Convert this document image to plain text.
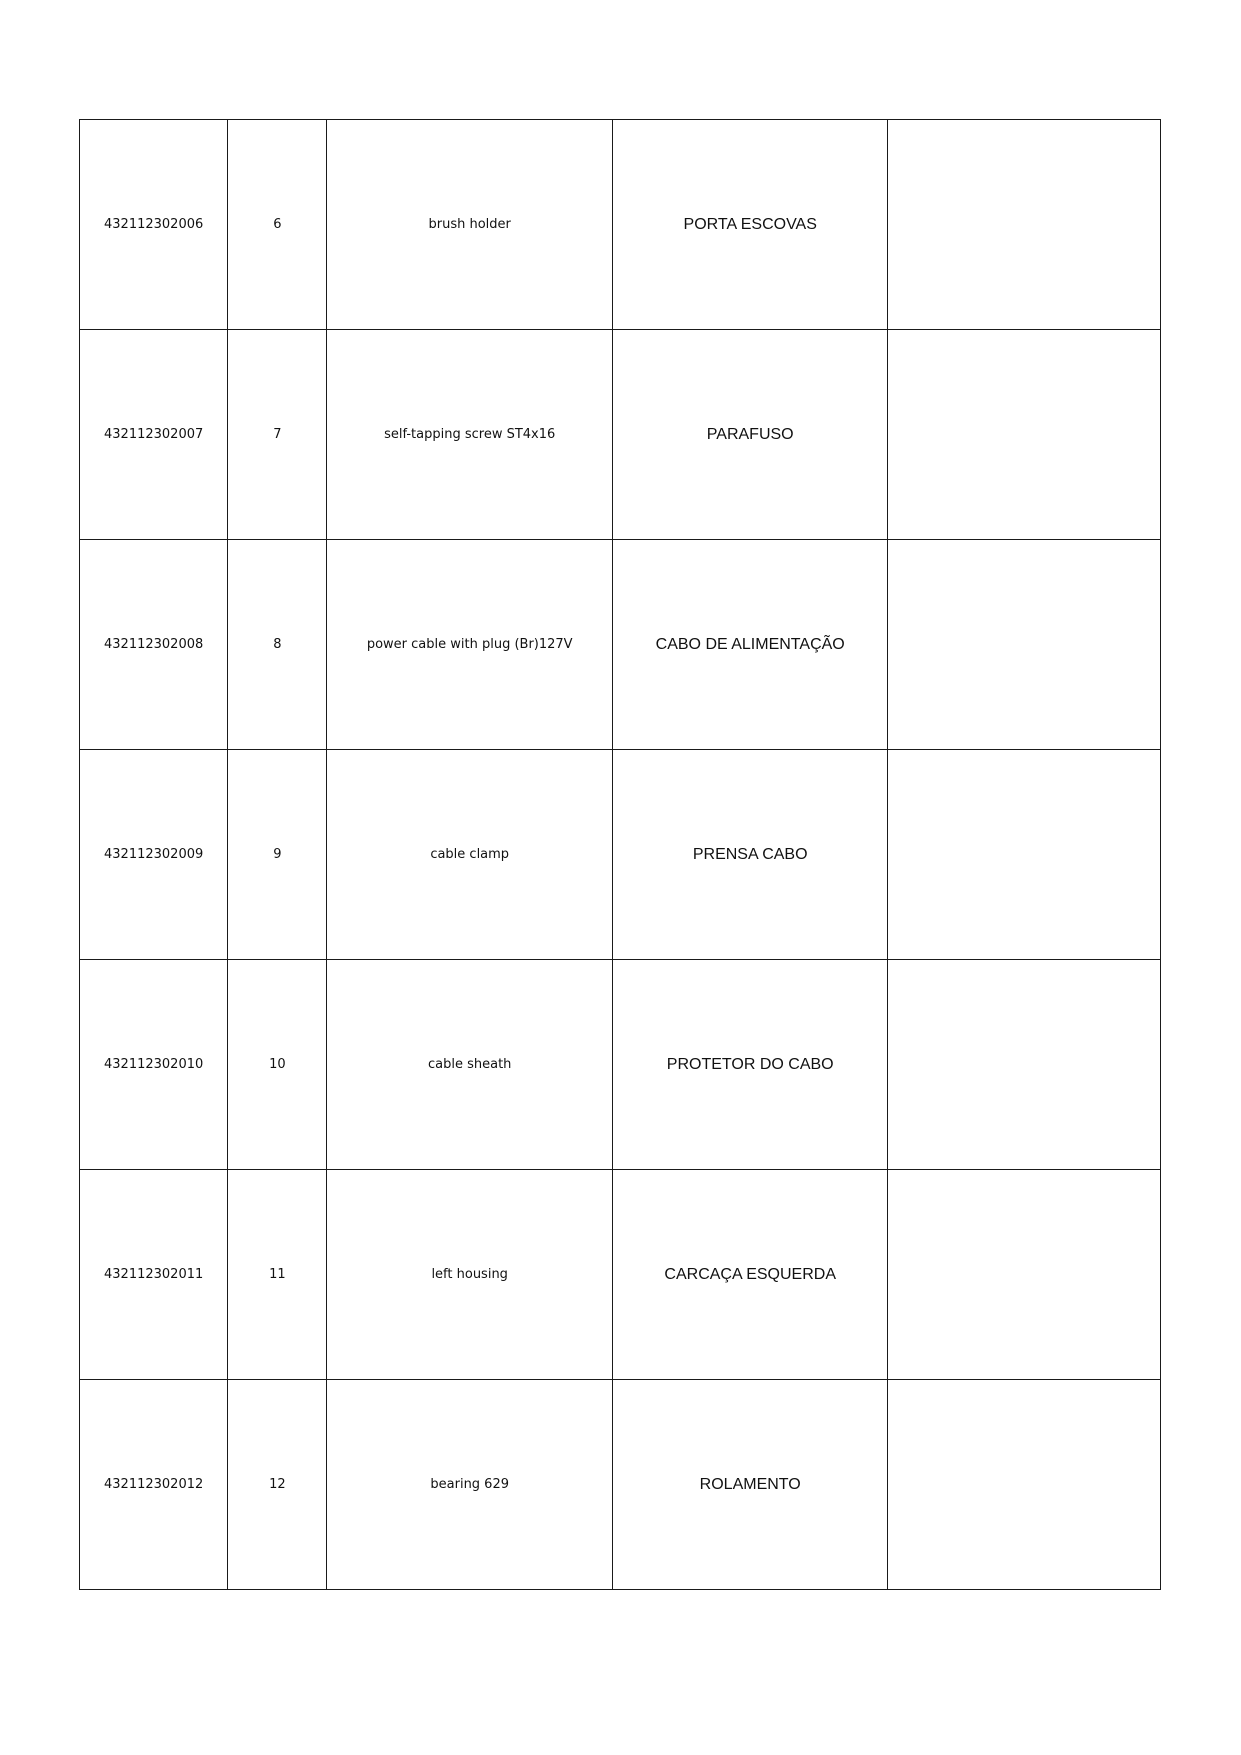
432112302006	6	brush holder	PORTA ESCOVAS	
432112302007	7	self-tapping screw ST4x16	PARAFUSO	
432112302008	8	power cable with plug (Br)127V	CABO DE ALIMENTAÇÃO	
432112302009	9	cable clamp	PRENSA CABO	
432112302010	10	cable sheath	PROTETOR DO CABO	
432112302011	11	left housing	CARCAÇA ESQUERDA	
432112302012	12	bearing 629	ROLAMENTO	
